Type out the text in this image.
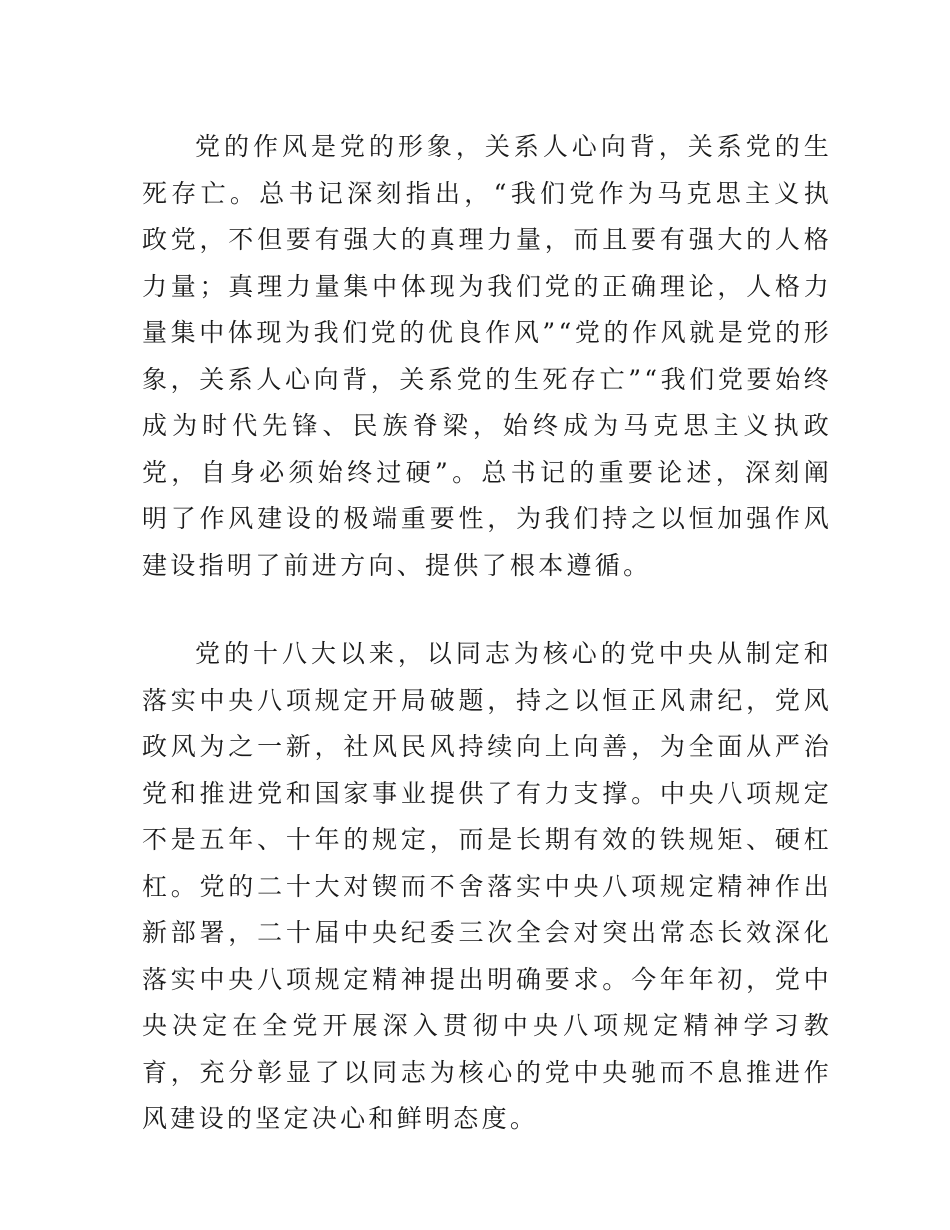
党的作风是党的形象，关系人心向背，关系党的生死存亡。总书记深刻指出，“我们党作为马克思主义执政党，不但要有强大的真理力量，而且要有强大的人格力量；真理力量集中体现为我们党的正确理论，人格力量集中体现为我们党的优良作风”“党的作风就是党的形象，关系人心向背，关系党的生死存亡”“我们党要始终成为时代先锋、民族脊梁，始终成为马克思主义执政党，自身必须始终过硬”。总书记的重要论述，深刻阐明了作风建设的极端重要性，为我们持之以恒加强作风建设指明了前进方向、提供了根本遵循。

党的十八大以来，以同志为核心的党中央从制定和落实中央八项规定开局破题，持之以恒正风肃纪，党风政风为之一新，社风民风持续向上向善，为全面从严治党和推进党和国家事业提供了有力支撑。中央八项规定不是五年、十年的规定，而是长期有效的铁规矩、硬杠杠。党的二十大对锲而不舍落实中央八项规定精神作出新部署，二十届中央纪委三次全会对突出常态长效深化落实中央八项规定精神提出明确要求。今年年初，党中央决定在全党开展深入贯彻中央八项规定精神学习教育，充分彰显了以同志为核心的党中央驰而不息推进作风建设的坚定决心和鲜明态度。
